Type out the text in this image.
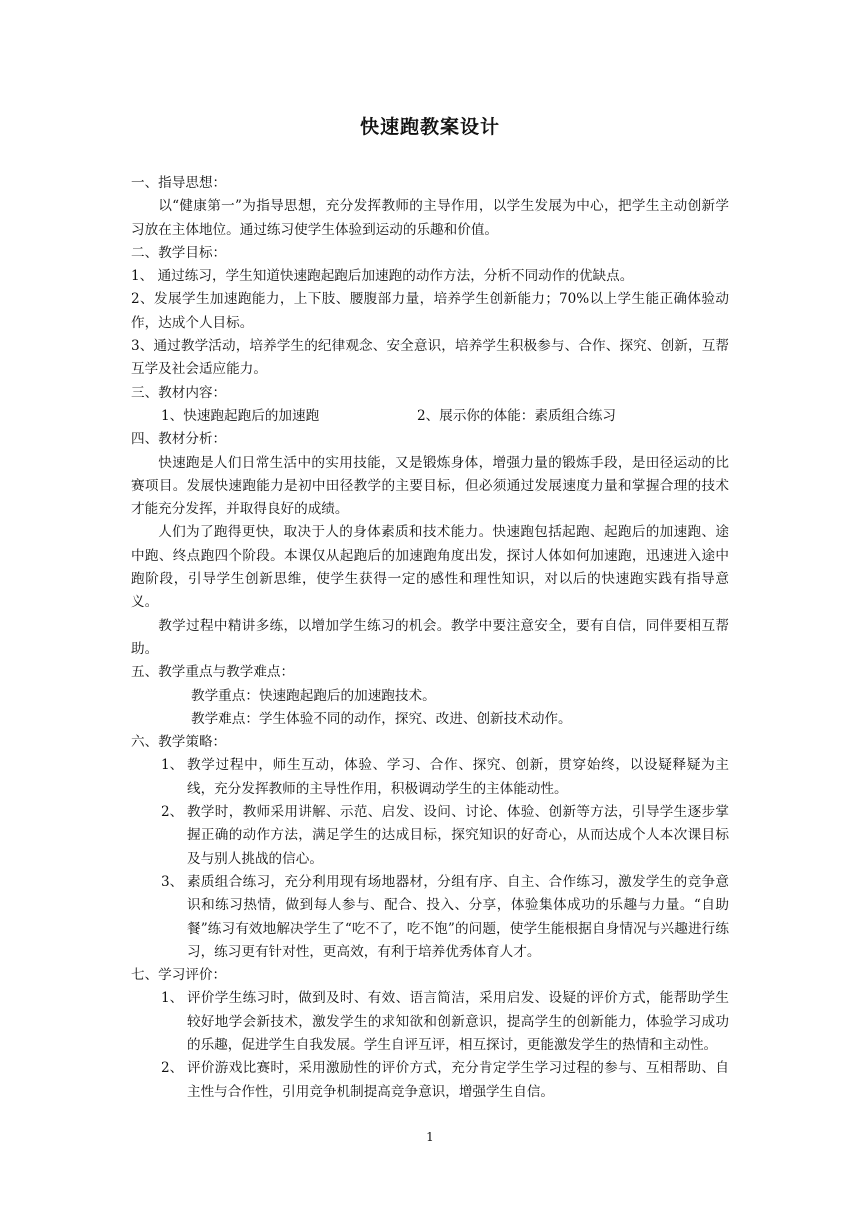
快速跑教案设计

一、指导思想：

以“健康第一”为指导思想，充分发挥教师的主导作用，以学生发展为中心，把学生主动创新学习放在主体地位。通过练习使学生体验到运动的乐趣和价值。

二、教学目标：

1、 通过练习，学生知道快速跑起跑后加速跑的动作方法，分析不同动作的优缺点。

2、发展学生加速跑能力，上下肢、腰腹部力量，培养学生创新能力；70%以上学生能正确体验动作，达成个人目标。

3、通过教学活动，培养学生的纪律观念、安全意识，培养学生积极参与、合作、探究、创新，互帮互学及社会适应能力。

三、教材内容：

1、快速跑起跑后的加速跑	2、展示你的体能：素质组合练习

四、教材分析：

快速跑是人们日常生活中的实用技能，又是锻炼身体，增强力量的锻炼手段，是田径运动的比赛项目。发展快速跑能力是初中田径教学的主要目标，但必须通过发展速度力量和掌握合理的技术才能充分发挥，并取得良好的成绩。

人们为了跑得更快，取决于人的身体素质和技术能力。快速跑包括起跑、起跑后的加速跑、途中跑、终点跑四个阶段。本课仅从起跑后的加速跑角度出发，探讨人体如何加速跑，迅速进入途中跑阶段，引导学生创新思维，使学生获得一定的感性和理性知识，对以后的快速跑实践有指导意义。

教学过程中精讲多练，以增加学生练习的机会。教学中要注意安全，要有自信，同伴要相互帮助。

五、教学重点与教学难点：

教学重点：快速跑起跑后的加速跑技术。

教学难点：学生体验不同的动作，探究、改进、创新技术动作。

六、教学策略：

1、 教学过程中，师生互动，体验、学习、合作、探究、创新，贯穿始终，以设疑释疑为主线，充分发挥教师的主导性作用，积极调动学生的主体能动性。
2、 教学时，教师采用讲解、示范、启发、设问、讨论、体验、创新等方法，引导学生逐步掌握正确的动作方法，满足学生的达成目标，探究知识的好奇心，从而达成个人本次课目标及与别人挑战的信心。
3、 素质组合练习，充分利用现有场地器材，分组有序、自主、合作练习，激发学生的竞争意识和练习热情，做到每人参与、配合、投入、分享，体验集体成功的乐趣与力量。“自助餐”练习有效地解决学生了“吃不了，吃不饱”的问题，使学生能根据自身情况与兴趣进行练习，练习更有针对性，更高效，有利于培养优秀体育人才。

七、学习评价：

1、 评价学生练习时，做到及时、有效、语言简洁，采用启发、设疑的评价方式，能帮助学生较好地学会新技术，激发学生的求知欲和创新意识，提高学生的创新能力，体验学习成功的乐趣，促进学生自我发展。学生自评互评，相互探讨，更能激发学生的热情和主动性。
2、 评价游戏比赛时，采用激励性的评价方式，充分肯定学生学习过程的参与、互相帮助、自主性与合作性，引用竞争机制提高竞争意识，增强学生自信。
1
